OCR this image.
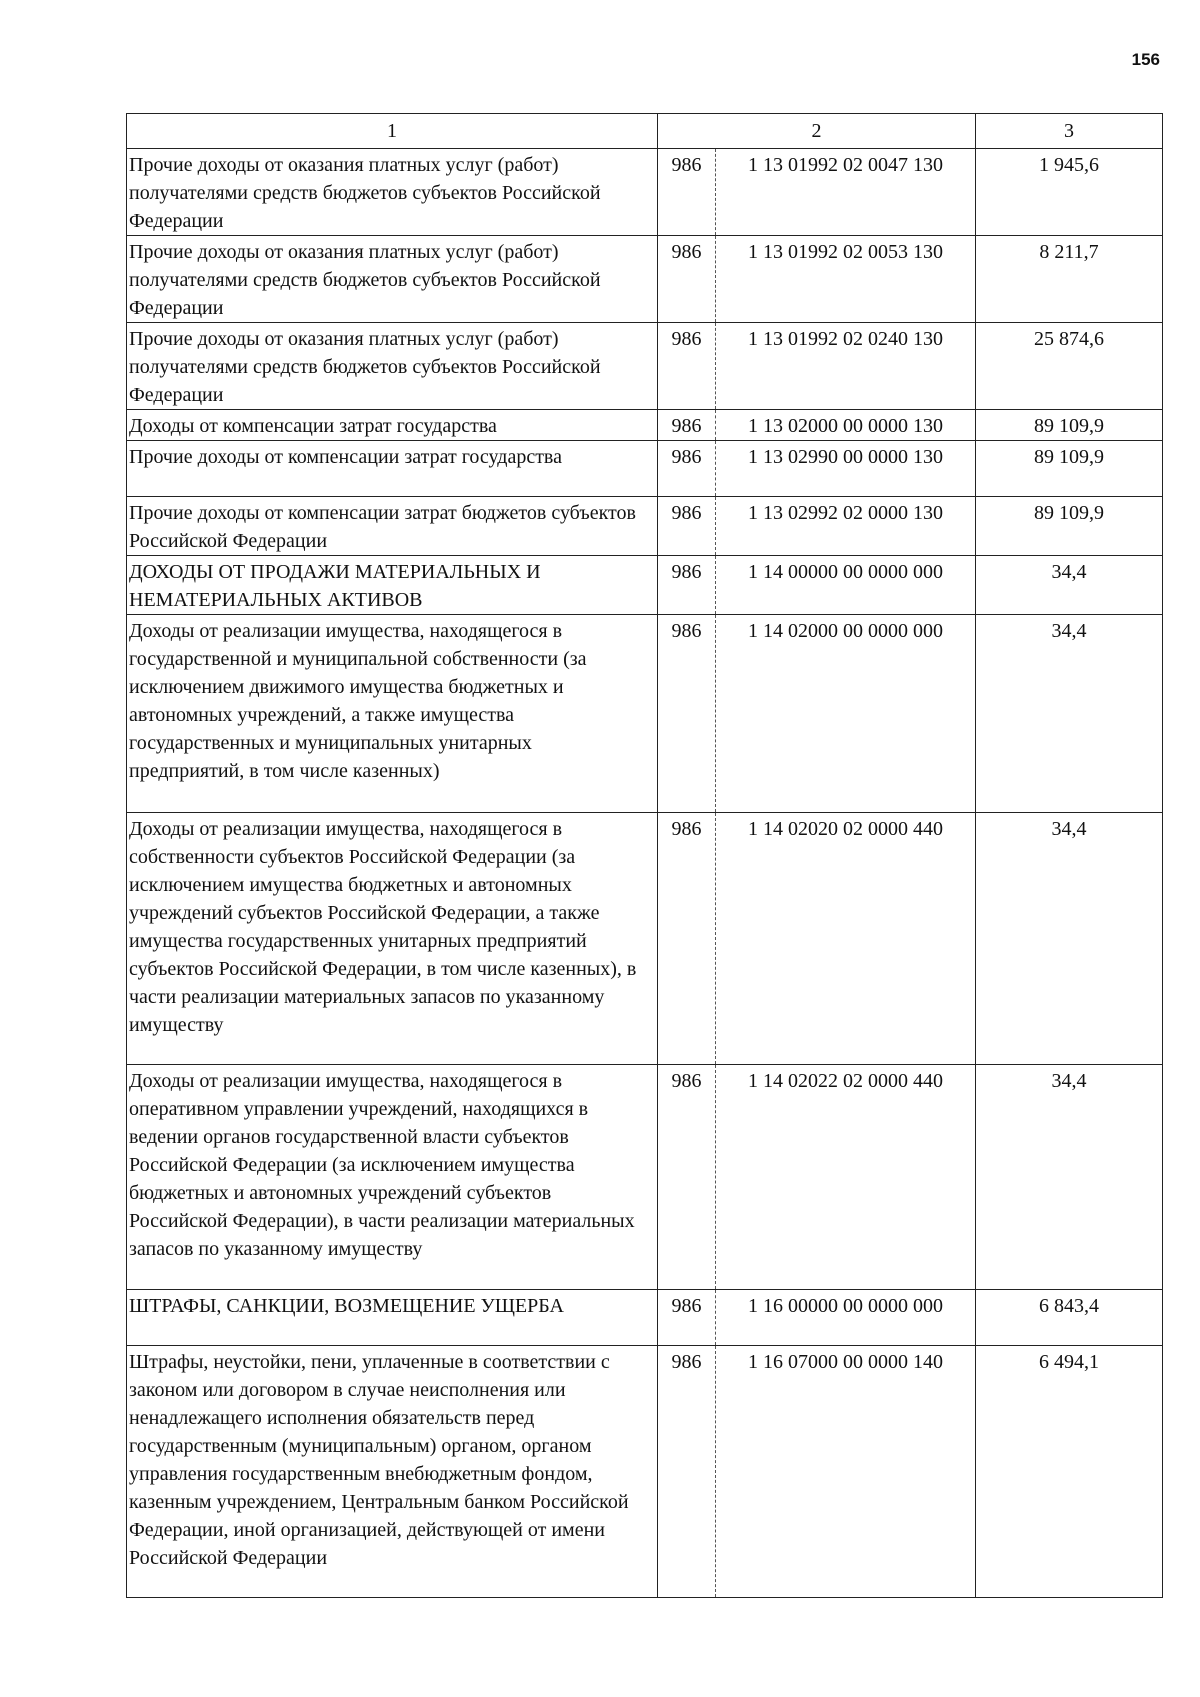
156
1	2		3
Прочие доходы от оказания платных услуг (работ) получателями средств бюджетов субъектов Российской Федерации	986	1 13 01992 02 0047 130	1 945,6
Прочие доходы от оказания платных услуг (работ) получателями средств бюджетов субъектов Российской Федерации	986	1 13 01992 02 0053 130	8 211,7
Прочие доходы от оказания платных услуг (работ) получателями средств бюджетов субъектов Российской Федерации	986	1 13 01992 02 0240 130	25 874,6
Доходы от компенсации затрат государства	986	1 13 02000 00 0000 130	89 109,9
Прочие доходы от компенсации затрат государства	986	1 13 02990 00 0000 130	89 109,9
Прочие доходы от компенсации затрат бюджетов субъектов Российской Федерации	986	1 13 02992 02 0000 130	89 109,9
ДОХОДЫ ОТ ПРОДАЖИ МАТЕРИАЛЬНЫХ И НЕМАТЕРИАЛЬНЫХ АКТИВОВ	986	1 14 00000 00 0000 000	34,4
Доходы от реализации имущества, находящегося в государственной и муниципальной собственности (за исключением движимого имущества бюджетных и автономных учреждений, а также имущества государственных и муниципальных унитарных предприятий, в том числе казенных)	986	1 14 02000 00 0000 000	34,4
Доходы от реализации имущества, находящегося в собственности субъектов Российской Федерации (за исключением имущества бюджетных и автономных учреждений субъектов Российской Федерации, а также имущества государственных унитарных предприятий субъектов Российской Федерации, в том числе казенных), в части реализации материальных запасов по указанному имуществу	986	1 14 02020 02 0000 440	34,4
Доходы от реализации имущества, находящегося в оперативном управлении учреждений, находящихся в ведении органов государственной власти субъектов Российской Федерации (за исключением имущества бюджетных и автономных учреждений субъектов Российской Федерации), в части реализации материальных запасов по указанному имуществу	986	1 14 02022 02 0000 440	34,4
ШТРАФЫ, САНКЦИИ, ВОЗМЕЩЕНИЕ УЩЕРБА	986	1 16 00000 00 0000 000	6 843,4
Штрафы, неустойки, пени, уплаченные в соответствии с законом или договором в случае неисполнения или ненадлежащего исполнения обязательств перед государственным (муниципальным) органом, органом управления государственным внебюджетным фондом, казенным учреждением, Центральным банком Российской Федерации, иной организацией, действующей от имени Российской Федерации	986	1 16 07000 00 0000 140	6 494,1
